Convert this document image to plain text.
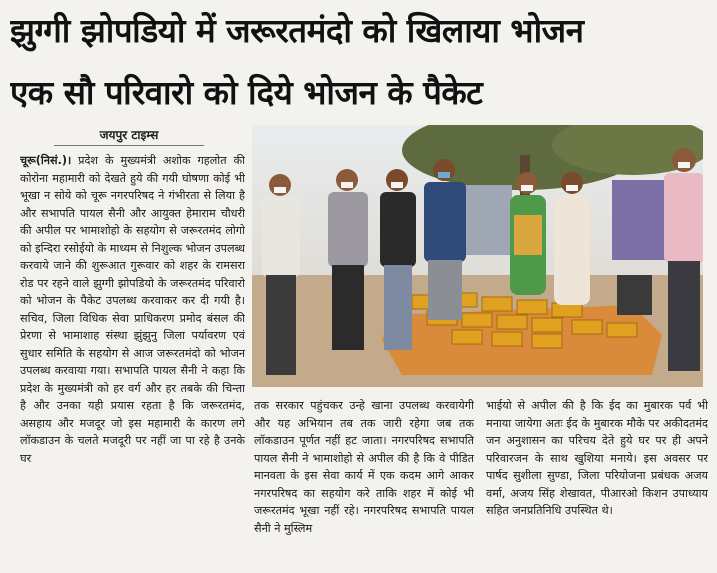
झुग्गी झोपडियो में जरूरतमंदो को खिलाया भोजन
एक सौ परिवारो को दिये भोजन के पैकेट
जयपुर टाइम्स

चूरू(निसं.)। प्रदेश के मुख्यमंत्री अशोक गहलोत की कोरोना महामारी को देखते हुये की गयी घोषणा कोई भी भूखा न सोये को चूरू नगरपरिषद ने गंभीरता से लिया है और सभापति पायल सैनी और आयुक्त हेमाराम चौधरी की अपील पर भामाशोहो के सहयोग से जरूरतमंद लोगो को इन्दिरा रसोईयो के माध्यम से निशुल्क भोजन उपलब्ध करवाये जाने की शुरूआत गुरूवार को शहर के रामसरा रोड पर रहने वाले झुग्गी झोपडियो के जरूरतमंद परिवारो को भोजन के पैकेट उपलब्ध करवाकर कर दी गयी है। सचिव, जिला विधिक सेवा प्राधिकरण प्रमोद बंसल की प्रेरणा से भामाशाह संस्था झुंझुनु जिला पर्यावरण एवं सुधार समिति के सहयोग से आज जरूरतमंदो को भोजन उपलब्ध करवाया गया। सभापति पायल सैनी ने कहा कि प्रदेश के मुख्यमंत्री को हर वर्ग और हर तबके की चिन्ता है और उनका यही प्रयास रहता है कि जरूरतमंद, असहाय और मजदूर जो इस महामारी के कारण लगे लॉकडाउन के चलते मजदूरी पर नहीं जा पा रहे है उनके घर

तक सरकार पहुंचकर उन्हे खाना उपलब्ध करवायेगी और यह अभियान तब तक जारी रहेगा जब तक लॉकडाउन पूर्णत नहीं हट जाता। नगरपरिषद सभापति पायल सैनी ने भामाशोहो से अपील की है कि वे पीडित मानवता के इस सेवा कार्य में एक कदम आगे आकर नगरपरिषद का सहयोग करे ताकि शहर में कोई भी जरूरतमंद भूखा नहीं रहे। नगरपरिषद सभापति पायल सैनी ने मुस्लिम
भाईयो से अपील की है कि ईद का मुबारक पर्व भी मनाया जायेगा अतः ईद के मुबारक मौके पर अकीदतमंद जन अनुशासन का परिचय देते हुये घर पर ही अपने परिवारजन के साथ खुशिया मनाये। इस अवसर पर पार्षद सुशीला सुण्डा, जिला परियोजना प्रबंधक अजय वर्मा, अजय सिंह शेखावत, पीआरओ किशन उपाध्याय सहित जनप्रतिनिधि उपस्थित थे।
